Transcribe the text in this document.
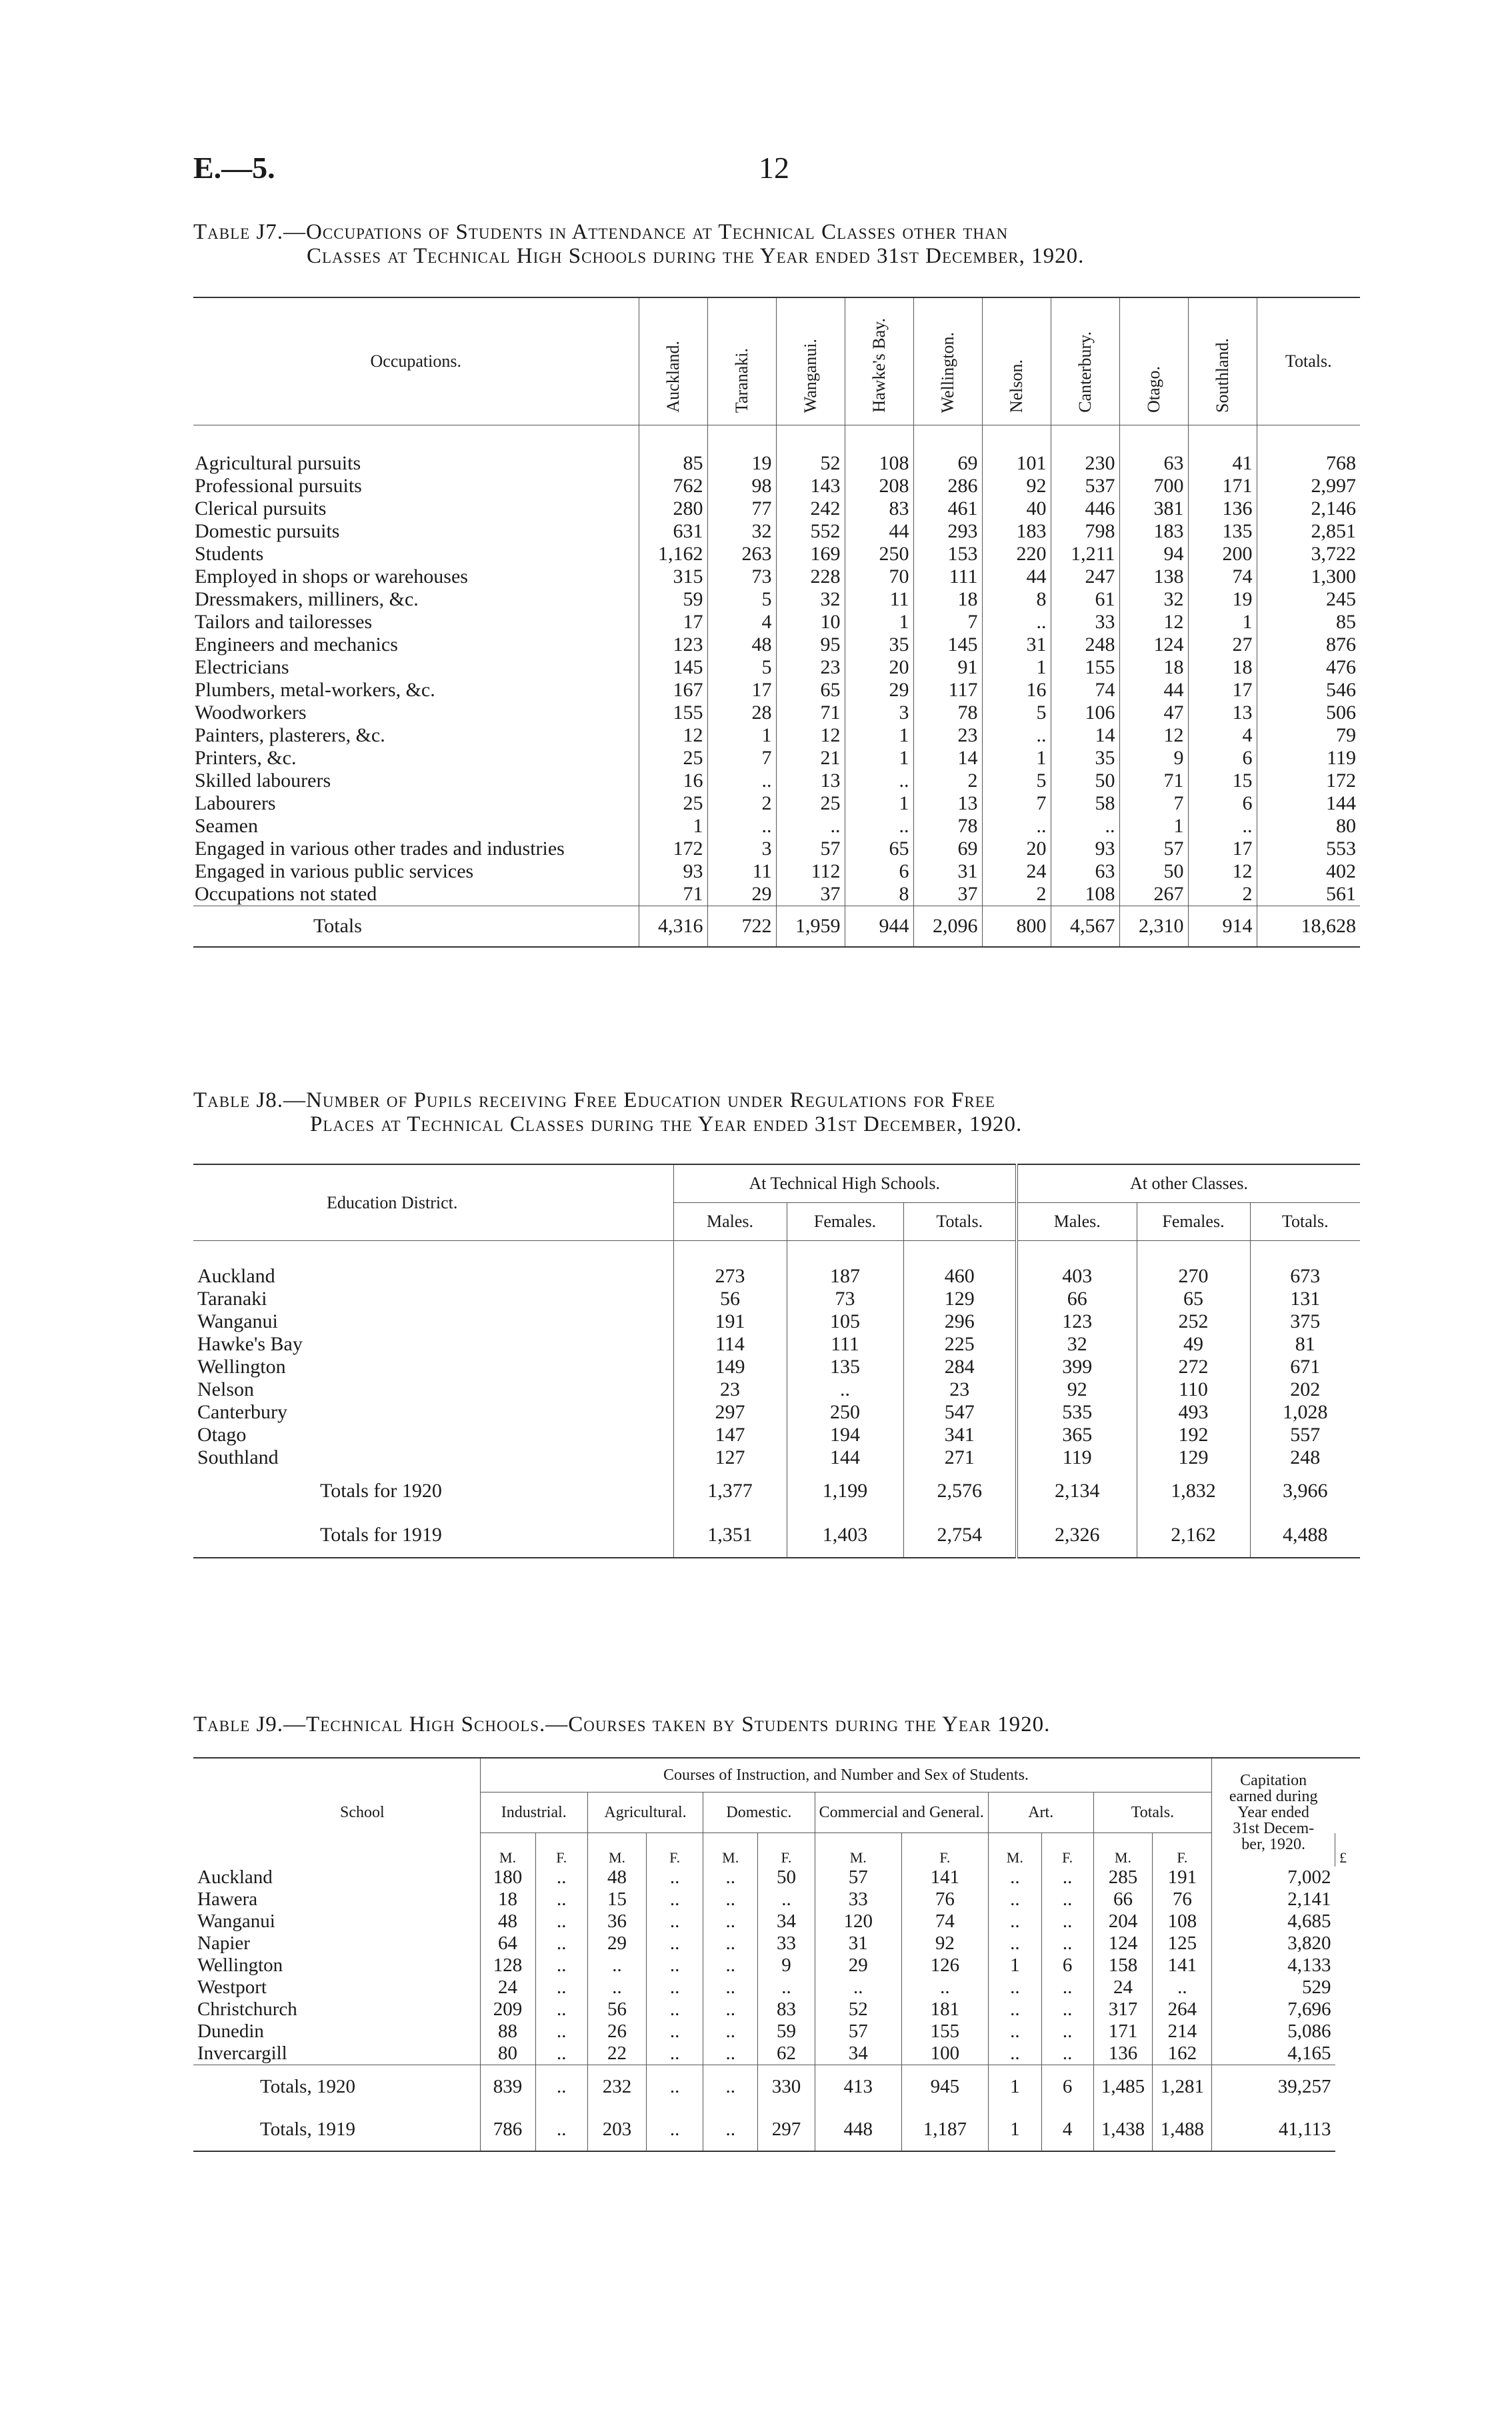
E.—5.	12
Table J7.—Occupations of Students in Attendance at Technical Classes other than
Classes at Technical High Schools during the Year ended 31st December, 1920.
Occupations.	Auckland.	Taranaki.	Wanganui.	Hawke's Bay.	Wellington.	Nelson.	Canterbury.	Otago.	Southland.	Totals.
Agricultural pursuits	85	19	52	108	69	101	230	63	41	768
Professional pursuits	762	98	143	208	286	92	537	700	171	2,997
Clerical pursuits	280	77	242	83	461	40	446	381	136	2,146
Domestic pursuits	631	32	552	44	293	183	798	183	135	2,851
Students	1,162	263	169	250	153	220	1,211	94	200	3,722
Employed in shops or warehouses	315	73	228	70	111	44	247	138	74	1,300
Dressmakers, milliners, &c.	59	5	32	11	18	8	61	32	19	245
Tailors and tailoresses	17	4	10	1	7	..	33	12	1	85
Engineers and mechanics	123	48	95	35	145	31	248	124	27	876
Electricians	145	5	23	20	91	1	155	18	18	476
Plumbers, metal-workers, &c.	167	17	65	29	117	16	74	44	17	546
Woodworkers	155	28	71	3	78	5	106	47	13	506
Painters, plasterers, &c.	12	1	12	1	23	..	14	12	4	79
Printers, &c.	25	7	21	1	14	1	35	9	6	119
Skilled labourers	16	..	13	..	2	5	50	71	15	172
Labourers	25	2	25	1	13	7	58	7	6	144
Seamen	1	..	..	..	78	..	..	1	..	80
Engaged in various other trades and industries	172	3	57	65	69	20	93	57	17	553
Engaged in various public services	93	11	112	6	31	24	63	50	12	402
Occupations not stated	71	29	37	8	37	2	108	267	2	561
Totals	4,316	722	1,959	944	2,096	800	4,567	2,310	914	18,628
Table J8.—Number of Pupils receiving Free Education under Regulations for Free
Places at Technical Classes during the Year ended 31st December, 1920.
Education District.	At Technical High Schools.			At other Classes.		
	Males.	Females.	Totals.	Males.	Females.	Totals.
Auckland	273	187	460	403	270	673
Taranaki	56	73	129	66	65	131
Wanganui	191	105	296	123	252	375
Hawke's Bay	114	111	225	32	49	81
Wellington	149	135	284	399	272	671
Nelson	23	..	23	92	110	202
Canterbury	297	250	547	535	493	1,028
Otago	147	194	341	365	192	557
Southland	127	144	271	119	129	248
Totals for 1920	1,377	1,199	2,576	2,134	1,832	3,966
Totals for 1919	1,351	1,403	2,754	2,326	2,162	4,488
Table J9.—Technical High Schools.—Courses taken by Students during the Year 1920.
School	Courses of Instruction, and Number and Sex of Students.												Capitation
earned during
Year ended
31st Decem-
ber, 1920.	

	Industrial.		Agricultural.		Domestic.		Commercial and General.		Art.		Totals.			
	M.	F.	M.	F.	M.	F.	M.	F.	M.	F.	M.	F.		£
Auckland	180	..	48	..	..	50	57	141	..	..	285	191	7,002	
Hawera	18	..	15	..	..	..	33	76	..	..	66	76	2,141	
Wanganui	48	..	36	..	..	34	120	74	..	..	204	108	4,685	
Napier	64	..	29	..	..	33	31	92	..	..	124	125	3,820	
Wellington	128	..	..	..	..	9	29	126	1	6	158	141	4,133	
Westport	24	..	..	..	..	..	..	..	..	..	24	..	529	
Christchurch	209	..	56	..	..	83	52	181	..	..	317	264	7,696	
Dunedin	88	..	26	..	..	59	57	155	..	..	171	214	5,086	
Invercargill	80	..	22	..	..	62	34	100	..	..	136	162	4,165	
Totals, 1920	839	..	232	..	..	330	413	945	1	6	1,485	1,281	39,257	
Totals, 1919	786	..	203	..	..	297	448	1,187	1	4	1,438	1,488	41,113	
